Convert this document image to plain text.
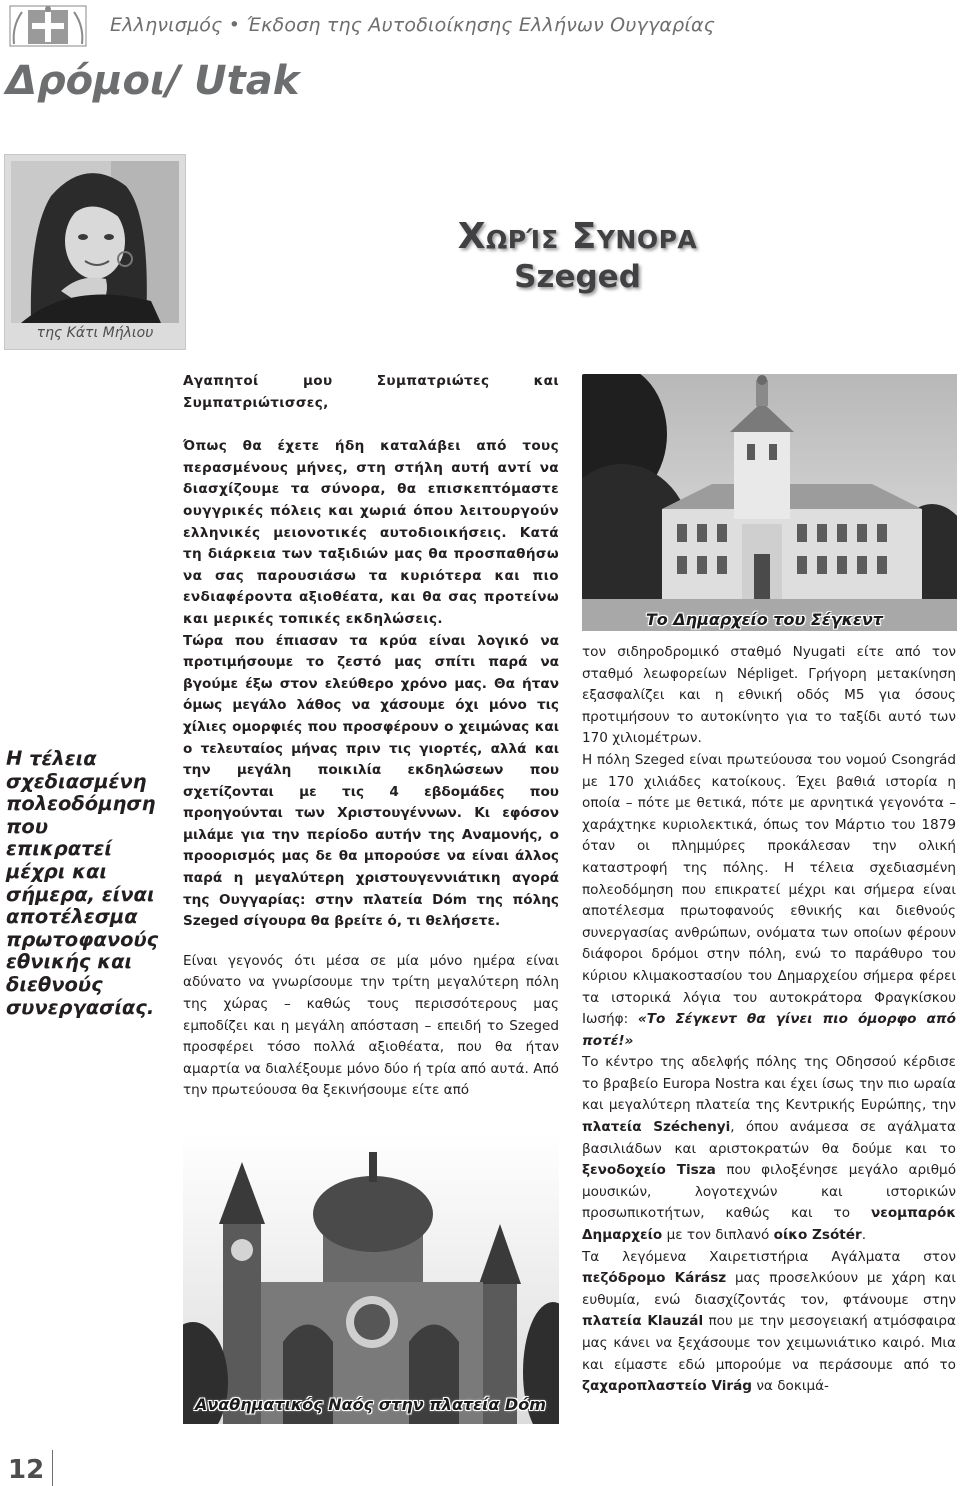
Ελληνισμός • Έκδοση της Αυτοδιοίκησης Ελλήνων Ουγγαρίας
Δρόμοι/ Utak
της Κάτι Μήλιου
Χωρίς Συνορα
Szeged
Η τέλεια σχεδιασμένη πολεοδόμηση που επικρατεί μέχρι και σήμερα, είναι αποτέλεσμα πρωτοφανούς εθνικής και διεθνούς συνεργασίας.

Αγαπητοί μου Συμπατριώτες και Συμπατριώτισσες,

Όπως θα έχετε ήδη καταλάβει από τους περασμένους μήνες, στη στήλη αυτή αντί να διασχίζουμε τα σύνορα, θα επισκεπτόμαστε ουγγρικές πόλεις και χωριά όπου λειτουργούν ελληνικές μειονοτικές αυτοδιοικήσεις. Κατά τη διάρκεια των ταξιδιών μας θα προσπαθήσω να σας παρουσιάσω τα κυριότερα και πιο ενδιαφέροντα αξιοθέατα, και θα σας προτείνω και μερικές τοπικές εκδηλώσεις.

Τώρα που έπιασαν τα κρύα είναι λογικό να προτιμήσουμε το ζεστό μας σπίτι παρά να βγούμε έξω στον ελεύθερο χρόνο μας. Θα ήταν όμως μεγάλο λάθος να χάσουμε όχι μόνο τις χίλιες ομορφιές που προσφέρουν ο χειμώνας και ο τελευταίος μήνας πριν τις γιορτές, αλλά και την μεγάλη ποικιλία εκδηλώσεων που σχετίζονται με τις 4 εβδομάδες που προηγούνται των Χριστουγέννων. Κι εφόσον μιλάμε για την περίοδο αυτήν της Αναμονής, ο προορισμός μας δε θα μπορούσε να είναι άλλος παρά η μεγαλύτερη χριστουγεννιάτικη αγορά της Ουγγαρίας: στην πλατεία Dóm της πόλης Szeged σίγουρα θα βρείτε ό, τι θελήσετε.

Είναι γεγονός ότι μέσα σε μία μόνο ημέρα είναι αδύνατο να γνωρίσουμε την τρίτη μεγαλύτερη πόλη της χώρας – καθώς τους περισσότερους μας εμποδίζει και η μεγάλη απόσταση – επειδή το Szeged προσφέρει τόσο πολλά αξιοθέατα, που θα ήταν αμαρτία να διαλέξουμε μόνο δύο ή τρία από αυτά. Από την πρωτεύουσα θα ξεκινήσουμε είτε από

Το Δημαρχείο του Σέγκεντ

τον σιδηροδρομικό σταθμό Nyugati είτε από τον σταθμό λεωφορείων Népliget. Γρήγορη μετακίνηση εξασφαλίζει και η εθνική οδός M5 για όσους προτιμήσουν το αυτοκίνητο για το ταξίδι αυτό των 170 χιλιομέτρων.

Η πόλη Szeged είναι πρωτεύουσα του νομού Csongrád με 170 χιλιάδες κατοίκους. Έχει βαθιά ιστορία η οποία – πότε με θετικά, πότε με αρνητικά γεγονότα – χαράχτηκε κυριολεκτικά, όπως τον Μάρτιο του 1879 όταν οι πλημμύρες προκάλεσαν την ολική καταστροφή της πόλης. Η τέλεια σχεδιασμένη πολεοδόμηση που επικρατεί μέχρι και σήμερα είναι αποτέλεσμα πρωτοφανούς εθνικής και διεθνούς συνεργασίας ανθρώπων, ονόματα των οποίων φέρουν διάφοροι δρόμοι στην πόλη, ενώ το παράθυρο του κύριου κλιμακοστασίου του Δημαρχείου σήμερα φέρει τα ιστορικά λόγια του αυτοκράτορα Φραγκίσκου Ιωσήφ: «Το Σέγκεντ θα γίνει πιο όμορφο από ποτέ!»

Το κέντρο της αδελφής πόλης της Οδησσού κέρδισε το βραβείο Europa Nostra και έχει ίσως την πιο ωραία και μεγαλύτερη πλατεία της Κεντρικής Ευρώπης, την πλατεία Széchenyi, όπου ανάμεσα σε αγάλματα βασιλιάδων και αριστοκρατών θα δούμε και το ξενοδοχείο Tisza που φιλοξένησε μεγάλο αριθμό μουσικών, λογοτεχνών και ιστορικών προσωπικοτήτων, καθώς και το νεομπαρόκ Δημαρχείο με τον διπλανό οίκο Zsótér.

Τα λεγόμενα Χαιρετιστήρια Αγάλματα στον πεζόδρομο Kárász μας προσελκύουν με χάρη και ευθυμία, ενώ διασχίζοντάς τον, φτάνουμε στην πλατεία Klauzál που με την μεσογειακή ατμόσφαιρα μας κάνει να ξεχάσουμε τον χειμωνιάτικο καιρό. Μια και είμαστε εδώ μπορούμε να περάσουμε από το ζαχαροπλαστείο Virág να δοκιμά-

Αναθηματικός Ναός στην πλατεία Dóm
12
